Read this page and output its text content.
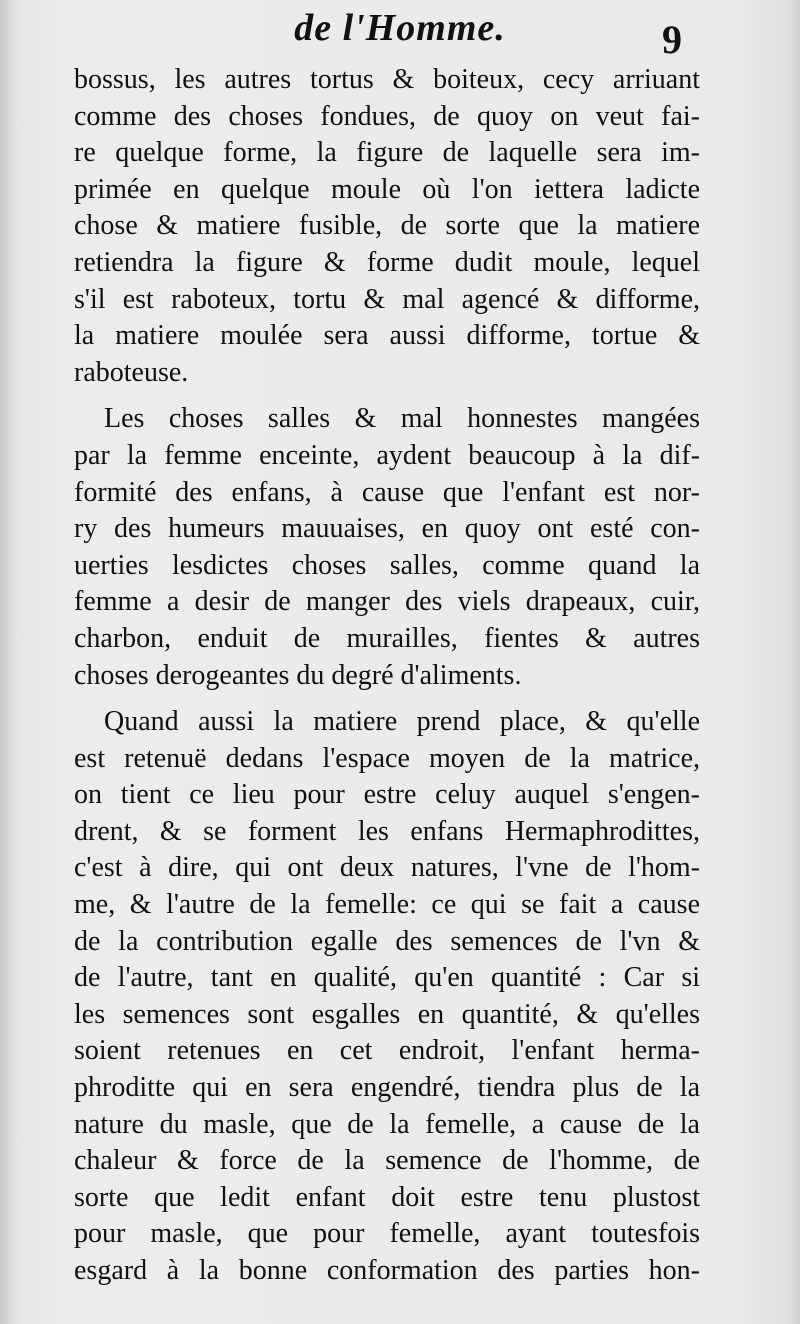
de l'Homme.	9
bossus, les autres tortus & boiteux, cecy arriuant
comme des choses fondues, de quoy on veut fai-
re quelque forme, la figure de laquelle sera im-
primée en quelque moule où l'on iettera ladicte
chose & matiere fusible, de sorte que la matiere
retiendra la figure & forme dudit moule, lequel
s'il est raboteux, tortu & mal agencé & difforme,
la matiere moulée sera aussi difforme, tortue &
raboteuse.
Les choses salles & mal honnestes mangées
par la femme enceinte, aydent beaucoup à la dif-
formité des enfans, à cause que l'enfant est nor-
ry des humeurs mauuaises, en quoy ont esté con-
uerties lesdictes choses salles, comme quand la
femme a desir de manger des viels drapeaux, cuir,
charbon, enduit de murailles, fientes & autres
choses derogeantes du degré d'aliments.
Quand aussi la matiere prend place, & qu'elle
est retenuë dedans l'espace moyen de la matrice,
on tient ce lieu pour estre celuy auquel s'engen-
drent, & se forment les enfans Hermaphrodittes,
c'est à dire, qui ont deux natures, l'vne de l'hom-
me, & l'autre de la femelle: ce qui se fait a cause
de la contribution egalle des semences de l'vn &
de l'autre, tant en qualité, qu'en quantité : Car si
les semences sont esgalles en quantité, & qu'elles
soient retenues en cet endroit, l'enfant herma-
phroditte qui en sera engendré, tiendra plus de la
nature du masle, que de la femelle, a cause de la
chaleur & force de la semence de l'homme, de
sorte que ledit enfant doit estre tenu plustost
pour masle, que pour femelle, ayant toutesfois
esgard à la bonne conformation des parties hon-
